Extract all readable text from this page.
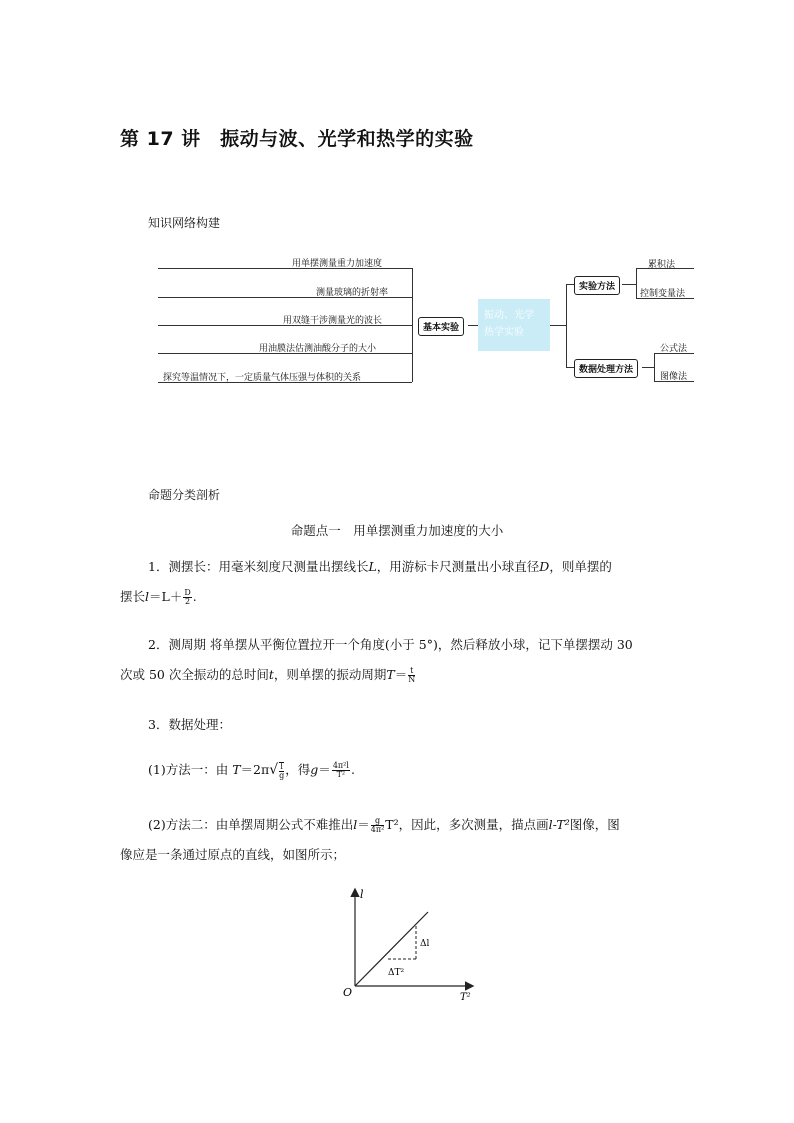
第 17 讲　振动与波、光学和热学的实验
知识网络构建
用单摆测量重力加速度
测量玻璃的折射率
用双缝干涉测量光的波长
用油膜法估测油酸分子的大小
探究等温情况下，一定质量气体压强与体积的关系
基本实验
振动、光学
热学实验
实验方法
数据处理方法
累积法
控制变量法
公式法
图像法
命题分类剖析
命题点一　用单摆测重力加速度的大小
1．测摆长：用毫米刻度尺测量出摆线长L，用游标卡尺测量出小球直径D，则单摆的
摆长$l=L+ \frac{D}{2}$ .
2．测周期 将单摆从平衡位置拉开一个角度(小于 5°)，然后释放小球，记下单摆摆动 30
次或 50 次全振动的总时间t，则单摆的振动周期$T= \frac{t}{N}$
3．数据处理：
(1)方法一：由 $T=2\pi√ \frac{l}{g}$ ，得$g= \frac{\text{4π²l}}{\text{T²}}$ .
(2)方法二：由单摆周期公式不难推出$l= \frac{g}{\text{4π²}} T^2$，因此，多次测量，描点画l-T²图像，图
像应是一条通过原点的直线，如图所示；
l
T²
O
Δl
ΔT²
